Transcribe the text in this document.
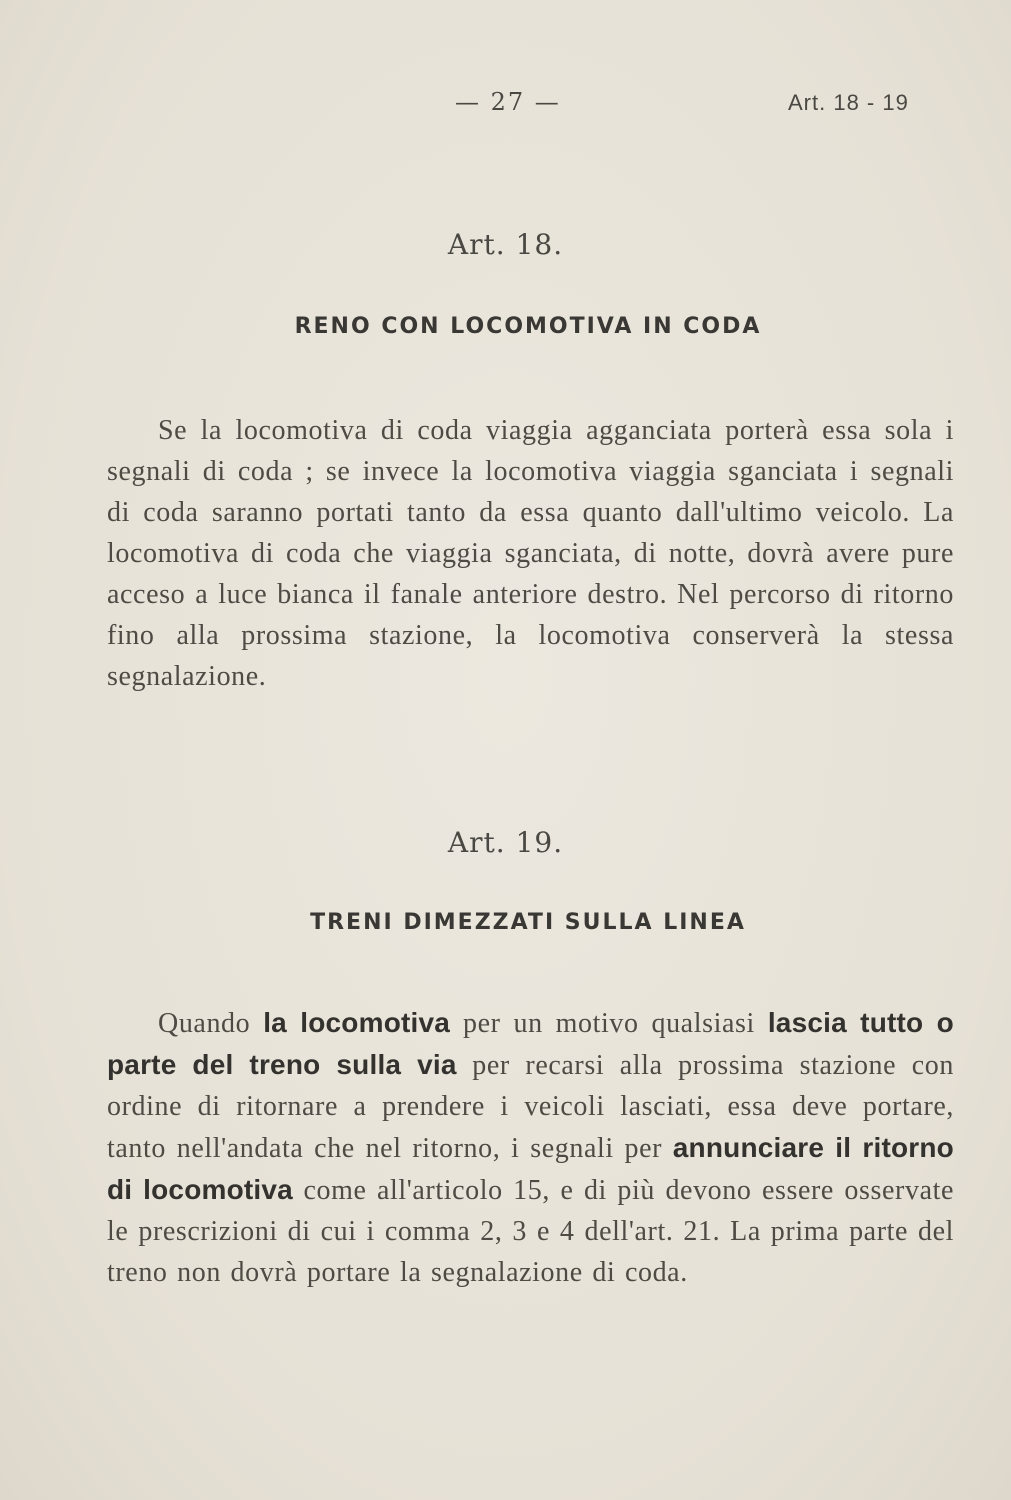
— 27 —	Art. 18 - 19
Art. 18.
RENO CON LOCOMOTIVA IN CODA

Se la locomotiva di coda viaggia agganciata porterà essa sola i segnali di coda ; se invece la locomotiva viaggia sganciata i segnali di coda saranno portati tanto da essa quanto dall'ultimo veicolo. La locomotiva di coda che viaggia sganciata, di notte, dovrà avere pure acceso a luce bianca il fanale anteriore destro. Nel percorso di ritorno fino alla prossima stazione, la locomotiva conserverà la stessa segnalazione.

Art. 19.
TRENI DIMEZZATI SULLA LINEA

Quando la locomotiva per un motivo qualsiasi lascia tutto o parte del treno sulla via per recarsi alla prossima stazione con ordine di ritornare a prendere i veicoli lasciati, essa deve portare, tanto nell'andata che nel ritorno, i segnali per annunciare il ritorno di locomotiva come all'articolo 15, e di più devono essere osservate le prescrizioni di cui i comma 2, 3 e 4 dell'art. 21. La prima parte del treno non dovrà portare la segnalazione di coda.
